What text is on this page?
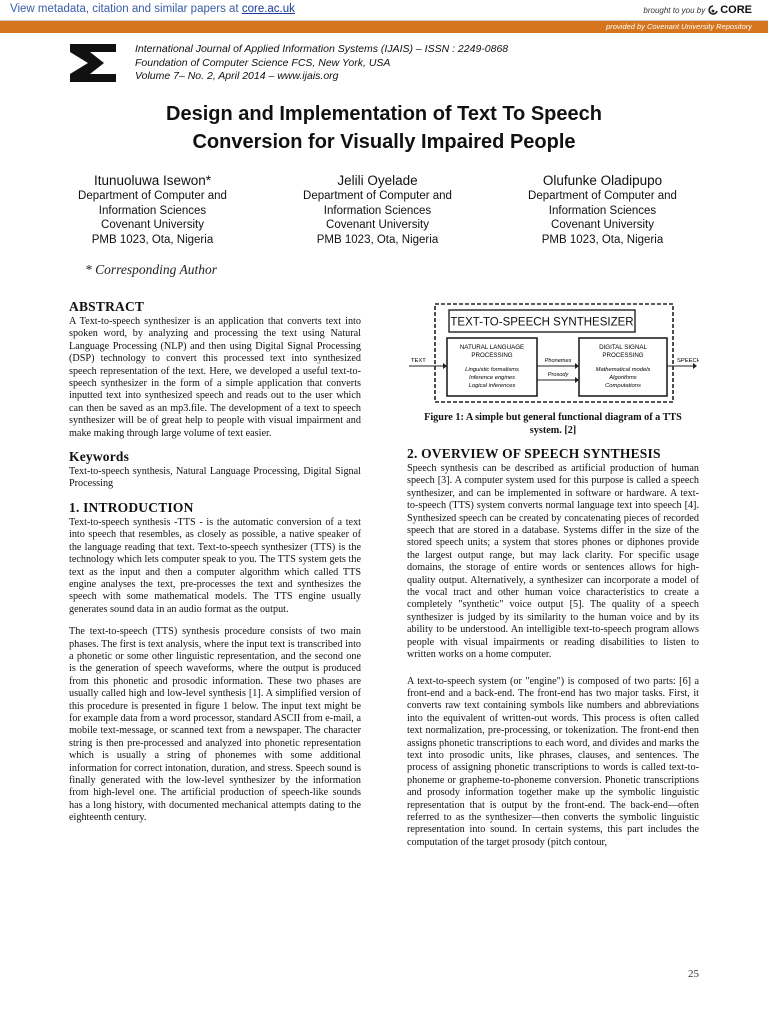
View metadata, citation and similar papers at core.ac.uk	brought to you by CORE
provided by Covenant University Repository
International Journal of Applied Information Systems (IJAIS) – ISSN : 2249-0868
Foundation of Computer Science FCS, New York, USA
Volume 7– No. 2, April 2014 – www.ijais.org
Design and Implementation of Text To Speech
Conversion for Visually Impaired People
Itunuoluwa Isewon*
Department of Computer and
Information Sciences
Covenant University
PMB 1023, Ota, Nigeria
Jelili Oyelade
Department of Computer and
Information Sciences
Covenant University
PMB 1023, Ota, Nigeria
Olufunke Oladipupo
Department of Computer and
Information Sciences
Covenant University
PMB 1023, Ota, Nigeria
* Corresponding Author
ABSTRACT

A Text-to-speech synthesizer is an application that converts text into spoken word, by analyzing and processing the text using Natural Language Processing (NLP) and then using Digital Signal Processing (DSP) technology to convert this processed text into synthesized speech representation of the text. Here, we developed a useful text-to-speech synthesizer in the form of a simple application that converts inputted text into synthesized speech and reads out to the user which can then be saved as an mp3.file. The development of a text to speech synthesizer will be of great help to people with visual impairment and make making through large volume of text easier.

Keywords

Text-to-speech synthesis, Natural Language Processing, Digital Signal Processing

1. INTRODUCTION

Text-to-speech synthesis -TTS - is the automatic conversion of a text into speech that resembles, as closely as possible, a native speaker of the language reading that text. Text-to-speech synthesizer (TTS) is the technology which lets computer speak to you. The TTS system gets the text as the input and then a computer algorithm which called TTS engine analyses the text, pre-processes the text and synthesizes the speech with some mathematical models. The TTS engine usually generates sound data in an audio format as the output.

The text-to-speech (TTS) synthesis procedure consists of two main phases. The first is text analysis, where the input text is transcribed into a phonetic or some other linguistic representation, and the second one is the generation of speech waveforms, where the output is produced from this phonetic and prosodic information. These two phases are usually called high and low-level synthesis [1]. A simplified version of this procedure is presented in figure 1 below. The input text might be for example data from a word processor, standard ASCII from e-mail, a mobile text-message, or scanned text from a newspaper. The character string is then pre-processed and analyzed into phonetic representation which is usually a string of phonemes with some additional information for correct intonation, duration, and stress. Speech sound is finally generated with the low-level synthesizer by the information from high-level one. The artificial production of speech-like sounds has a long history, with documented mechanical attempts dating to the eighteenth century.

TEXT-TO-SPEECH SYNTHESIZER
NATURAL LANGUAGE
PROCESSING
Linguistic formalisms
Inference engines
Logical inferences
DIGITAL SIGNAL
PROCESSING
Mathematical models
Algorithms
Computations
Phonemes
Prosody
TEXT	SPEECH
Figure 1: A simple but general functional diagram of a TTS system. [2]
2. OVERVIEW OF SPEECH SYNTHESIS

Speech synthesis can be described as artificial production of human speech [3]. A computer system used for this purpose is called a speech synthesizer, and can be implemented in software or hardware. A text-to-speech (TTS) system converts normal language text into speech [4]. Synthesized speech can be created by concatenating pieces of recorded speech that are stored in a database. Systems differ in the size of the stored speech units; a system that stores phones or diphones provide the largest output range, but may lack clarity. For specific usage domains, the storage of entire words or sentences allows for high-quality output. Alternatively, a synthesizer can incorporate a model of the vocal tract and other human voice characteristics to create a completely "synthetic" voice output [5]. The quality of a speech synthesizer is judged by its similarity to the human voice and by its ability to be understood. An intelligible text-to-speech program allows people with visual impairments or reading disabilities to listen to written works on a home computer.

A text-to-speech system (or "engine") is composed of two parts: [6] a front-end and a back-end. The front-end has two major tasks. First, it converts raw text containing symbols like numbers and abbreviations into the equivalent of written-out words. This process is often called text normalization, pre-processing, or tokenization. The front-end then assigns phonetic transcriptions to each word, and divides and marks the text into prosodic units, like phrases, clauses, and sentences. The process of assigning phonetic transcriptions to words is called text-to-phoneme or grapheme-to-phoneme conversion. Phonetic transcriptions and prosody information together make up the symbolic linguistic representation that is output by the front-end. The back-end—often referred to as the synthesizer—then converts the symbolic linguistic representation into sound. In certain systems, this part includes the computation of the target prosody (pitch contour,

25
